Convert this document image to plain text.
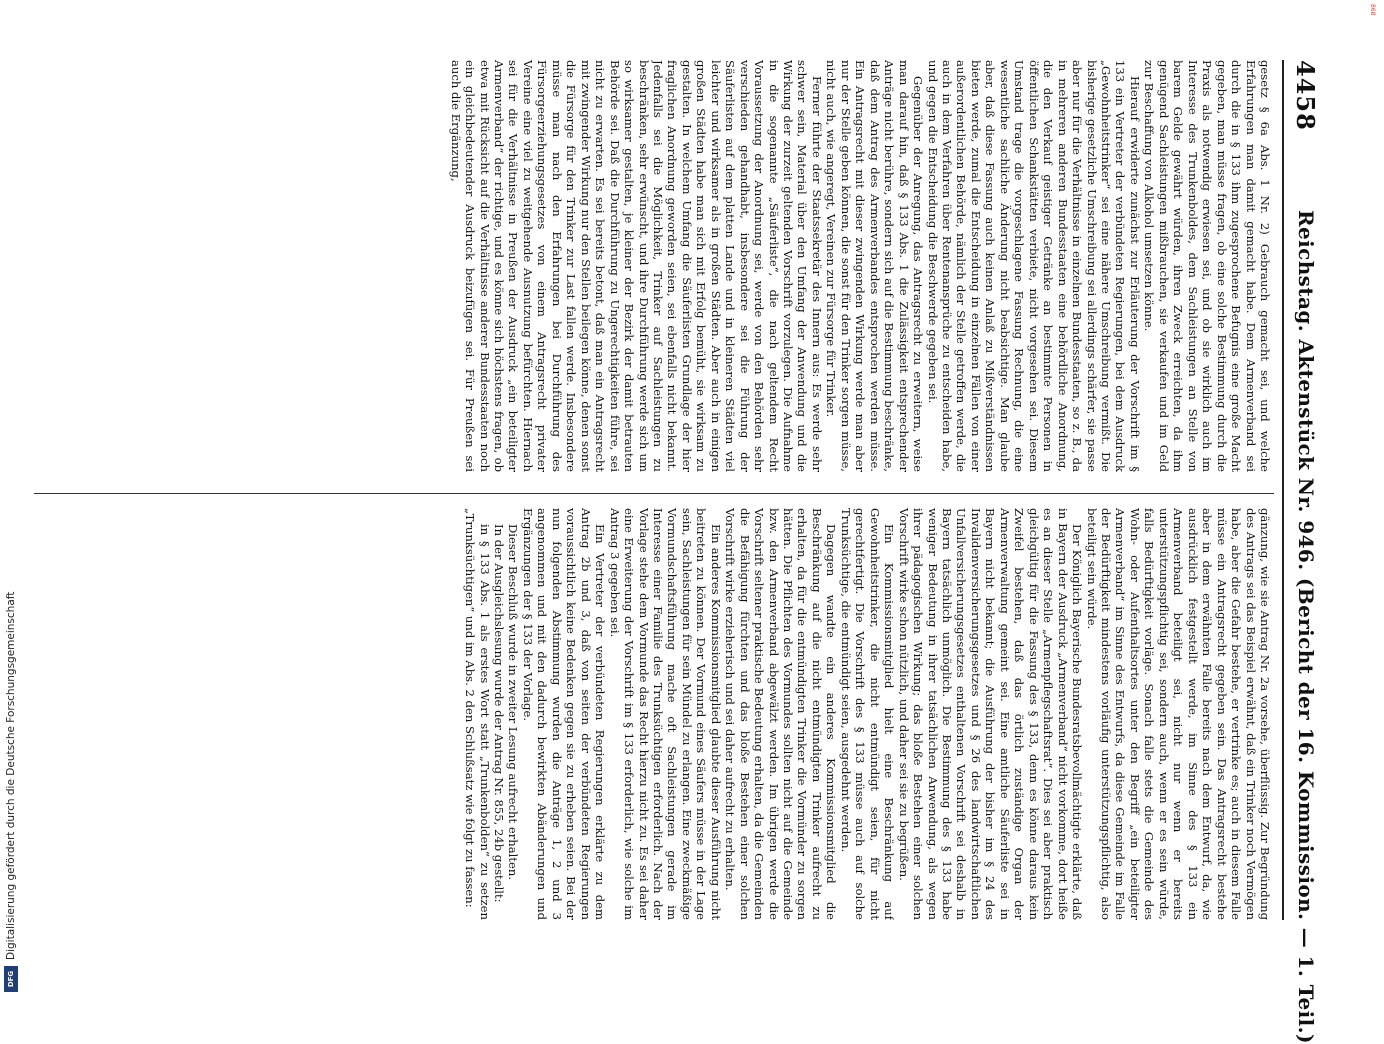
4458
Reichstag. Aktenstück Nr. 946. (Bericht der 16. Kommission. — 1. Teil.)

gesetz § 6a Abs. 1 Nr. 2) Gebrauch gemacht sei, und welche Erfahrungen man damit gemacht habe. Dem Armenverband sei durch die in § 133 ihm zugesprochene Befugnis eine große Macht gegeben, man müsse fragen, ob eine solche Bestimmung durch die Praxis als notwendig erwiesen sei, und ob sie wirklich auch im Interesse des Trunkenboldes, dem Sachleistungen an Stelle von barem Gelde gewährt würden, ihren Zweck erreichten, da ihm genügend Sachleistungen mißbrauchen, sie verkaufen und im Geld zur Beschaffung von Alkohol umsetzen könne.

Hierauf erwiderte zunächst zur Erläuterung der Vorschrift im § 133 ein Vertreter der verbündeten Regierungen, bei dem Ausdruck „Gewohnheitstrinker“ sei eine nähere Umschreibung vermißt. Die bisherige gesetzliche Umschreibung sei allerdings schärfer, sie passe aber nur für die Verhältnisse in einzelnen Bundesstaaten, so z. B., da in mehreren anderen Bundesstaaten eine behördliche Anordnung, die den Verkauf geistiger Getränke an bestimmte Personen in öffentlichen Schankstätten verbiete, nicht vorgesehen sei. Diesem Umstand trage die vorgeschlagene Fassung Rechnung, die eine wesentliche sachliche Änderung nicht beabsichtige. Man glaube aber, daß diese Fassung auch keinen Anlaß zu Mißverständnissen bieten werde, zumal die Entscheidung in einzelnen Fällen von einer außerordentlichen Behörde, nämlich der Stelle getroffen werde, die auch in dem Verfahren über Rentenansprüche zu entscheiden habe, und gegen die Entscheidung die Beschwerde gegeben sei.

Gegenüber der Anregung, das Antragsrecht zu erweitern, weise man darauf hin, daß § 133 Abs. 1 die Zulässigkeit entsprechender Anträge nicht berühre, sondern sich auf die Bestimmung beschränke, daß dem Antrag des Armenverbandes entsprochen werden müsse. Ein Antragsrecht mit dieser zwingenden Wirkung werde man aber nur der Stelle geben können, die sonst für den Trinker sorgen müsse, nicht auch, wie angeregt, Vereinen zur Fürsorge für Trinker.

Ferner führte der Staatssekretär des Innern aus: Es werde sehr schwer sein, Material über den Umfang der Anwendung und die Wirkung der zurzeit geltenden Vorschrift vorzulegen. Die Aufnahme in die sogenannte „Säuferliste“, die nach geltendem Recht Voraussetzung der Anordnung sei, werde von den Behörden sehr verschieden gehandhabt, insbesondere sei die Führung der Säuferlisten auf dem platten Lande und in kleineren Städten viel leichter und wirksamer als in großen Städten. Aber auch in einigen großen Städten habe man sich mit Erfolg bemüht, sie wirksam zu gestalten. In welchem Umfang die Säuferlisten Grundlage der hier fraglichen Anordnung geworden seien, sei ebenfalls nicht bekannt. Jedenfalls sei die Möglichkeit, Trinker auf Sachleistungen zu beschränken, sehr erwünscht, und ihre Durchführung werde sich um so wirksamer gestalten, je kleiner der Bezirk der damit betrauten Behörde sei. Daß die Durchführung zu Ungerechtigkeiten führe, sei nicht zu erwarten. Es sei bereits betont, daß man ein Antragsrecht mit zwingender Wirkung nur den Stellen beilegen könne, denen sonst die Fürsorge für den Trinker zur Last fallen werde. Insbesondere müsse man nach den Erfahrungen bei Durchführung des Fürsorgeerziehungsgesetzes von einem Antragsrecht privater Vereine eine viel zu weitgehende Ausnutzung befürchten. Hiernach sei für die Verhältnisse in Preußen der Ausdruck „ein beteiligter Armenverband“ der richtige, und es könne sich höchstens fragen, ob etwa mit Rücksicht auf die Verhältnisse anderer Bundesstaaten noch ein gleichbedeutender Ausdruck beizufügen sei. Für Preußen sei auch die Ergänzung,

gänzung, wie sie Antrag Nr. 2a vorsehe, überflüssig. Zur Begründung des Antrags sei das Beispiel erwähnt, daß ein Trinker noch Vermögen habe, aber die Gefahr bestehe, er vertrinke es; auch in diesem Falle müsse ein Antragsrecht gegeben sein. Das Antragsrecht bestehe aber in dem erwähnten Falle bereits nach dem Entwurf, da, wie ausdrücklich festgestellt werde, im Sinne des § 133 ein Armenverband beteiligt sei, nicht nur wenn er bereits unterstützungspflichtig sei, sondern auch, wenn er es sein würde, falls Bedürftigkeit vorläge. Sonach falle stets die Gemeinde des Wohn- oder Aufenthaltsortes unter den Begriff „ein beteiligter Armenverband“ im Sinne des Entwurfs, da diese Gemeinde im Falle der Bedürftigkeit mindestens vorläufig unterstützungspflichtig, also beteiligt sein würde.

Der Königlich Bayerische Bundesratsbevollmächtigte erklärte, daß in Bayern der Ausdruck „Armenverband“ nicht vorkomme, dort heiße es an dieser Stelle „Armenpflegschaftsrat“. Dies sei aber praktisch gleichgültig für die Fassung des § 133, denn es könne daraus kein Zweifel bestehen, daß das örtlich zuständige Organ der Armenverwaltung gemeint sei. Eine amtliche Säuferliste sei in Bayern nicht bekannt; die Ausführung der bisher im § 24 des Invalidenversicherungsgesetzes und § 26 des landwirtschaftlichen Unfallversicherungsgesetzes enthaltenen Vorschrift sei deshalb in Bayern tatsächlich unmöglich. Die Bestimmung des § 133 habe weniger Bedeutung in ihrer tatsächlichen Anwendung, als wegen ihrer pädagogischen Wirkung; das bloße Bestehen einer solchen Vorschrift wirke schon nützlich, und daher sei sie zu begrüßen.

Ein Kommissionsmitglied hielt eine Beschränkung auf Gewohnheitstrinker, die nicht entmündigt seien, für nicht gerechtfertigt. Die Vorschrift des § 133 müsse auch auf solche Trunksüchtige, die entmündigt seien, ausgedehnt werden.

Dagegen wandte ein anderes Kommissionsmitglied die Beschränkung auf die nicht entmündigten Trinker aufrecht zu erhalten, da für die entmündigten Trinker die Vormünder zu sorgen hätten. Die Pflichten des Vormundes sollten nicht auf die Gemeinde bzw. den Armenverband abgewälzt werden. Im übrigen werde die Vorschrift seltener praktische Bedeutung erhalten, da die Gemeinden die Befähigung fürchten und das bloße Bestehen einer solchen Vorschrift wirke erzieherisch und sei daher aufrecht zu erhalten.

Ein anderes Kommissionsmitglied glaubte dieser Ausführung nicht beitreten zu können. Der Vormund eines Säufers müsse in der Lage sein, Sachleistungen für sein Mündel zu erlangen. Eine zweckmäßige Vormundschaftsführung mache oft Sachleistungen gerade im Interesse einer Familie des Trunksüchtigen erforderlich. Nach der Vorlage stehe dem Vormunde das Recht hierzu nicht zu. Es sei daher eine Erweiterung der Vorschrift im § 133 erforderlich, wie solche im Antrag 3 gegeben sei.

Ein Vertreter der verbündeten Regierungen erklärte zu dem Antrag 2b und 3, daß von seiten der verbündeten Regierungen voraussichtlich keine Bedenken gegen sie zu erheben seien. Bei der nun folgenden Abstimmung wurden die Anträge 1, 2 und 3 angenommen und mit den dadurch bewirkten Abänderungen und Ergänzungen der § 133 der Vorlage.

Dieser Beschluß wurde in zweiter Lesung aufrecht erhalten.

In der Ausgleichslesung wurde der Antrag Nr. 855, 24b gestellt:

in § 133 Abs. 1 als erstes Wort statt „Trunkenbolden“ zu setzen „Trunksüchtigen“ und im Abs. 2 den Schlußsatz wie folgt zu fassen:

Digitalisierung gefördert durch die Deutsche Forschungsgemeinschaft
DFG
868
